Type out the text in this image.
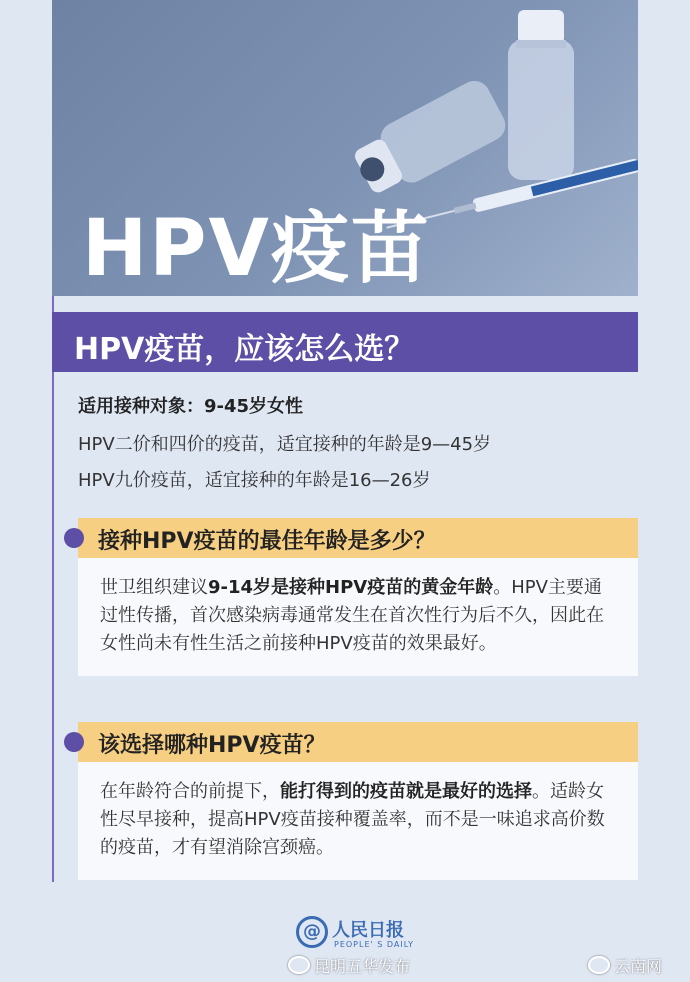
HPV疫苗
HPV疫苗，应该怎么选？
适用接种对象：9-45岁女性
HPV二价和四价的疫苗，适宜接种的年龄是9—45岁
HPV九价疫苗，适宜接种的年龄是16—26岁
接种HPV疫苗的最佳年龄是多少？
世卫组织建议9-14岁是接种HPV疫苗的黄金年龄。HPV主要通过性传播，首次感染病毒通常发生在首次性行为后不久，因此在女性尚未有性生活之前接种HPV疫苗的效果最好。
该选择哪种HPV疫苗？
在年龄符合的前提下，能打得到的疫苗就是最好的选择。适龄女性尽早接种，提高HPV疫苗接种覆盖率，而不是一味追求高价数的疫苗，才有望消除宫颈癌。
@ 人民日报
PEOPLE' S DAILY
昆明五华发布	云南网
